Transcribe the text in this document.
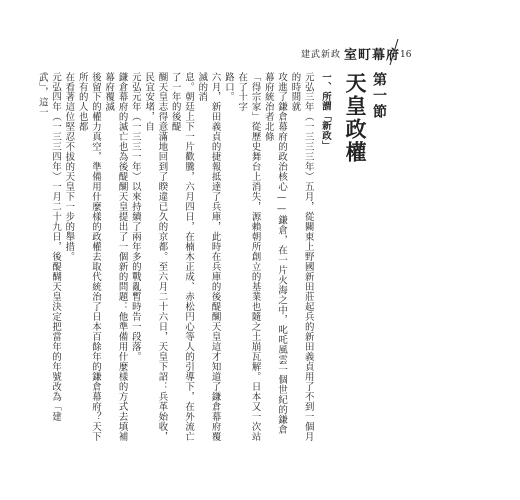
建武新政 室町幕府 16
第一節
天皇政權
一、所謂「新政」
元弘三年（一三三三年）五月，從關東上野國新田莊起兵的新田義貞用了不到一個月的時間就
攻進了鎌倉幕府的政治核心——鎌倉，在一片火海之中，叱吒風雲一個世紀的鎌倉幕府統治者北條
「得宗家」從歷史舞台上消失，源賴朝所創立的基業也隨之土崩瓦解。日本又一次站在了十字
路口。
六月，新田義貞的捷報抵達了兵庫，此時在兵庫的後醍醐天皇這才知道了鎌倉幕府覆滅的消
息。朝廷上下一片歡騰，六月四日，在楠木正成、赤松円心等人的引導下，在外流亡了一年的後醍
醐天皇志得意滿地回到了睽違已久的京都。至六月二十六日，天皇下詔：兵革始收，民宜安堵，自
元弘元年（一三三一年）以來持續了兩年多的戰亂暫時告一段落。
鎌倉幕府的滅亡也為後醍醐天皇提出了一個新的問題：他準備用什麼樣的方式去填補幕府覆滅
後留下的權力真空，準備用什麼樣的政權去取代統治了日本百餘年的鎌倉幕府？天下所有的人也都
在看著這位堅忍不拔的天皇下一步的舉措。
元弘四年（一三三四年）一月二十九日，後醍醐天皇決定把當年的年號改為「建武」，這一
